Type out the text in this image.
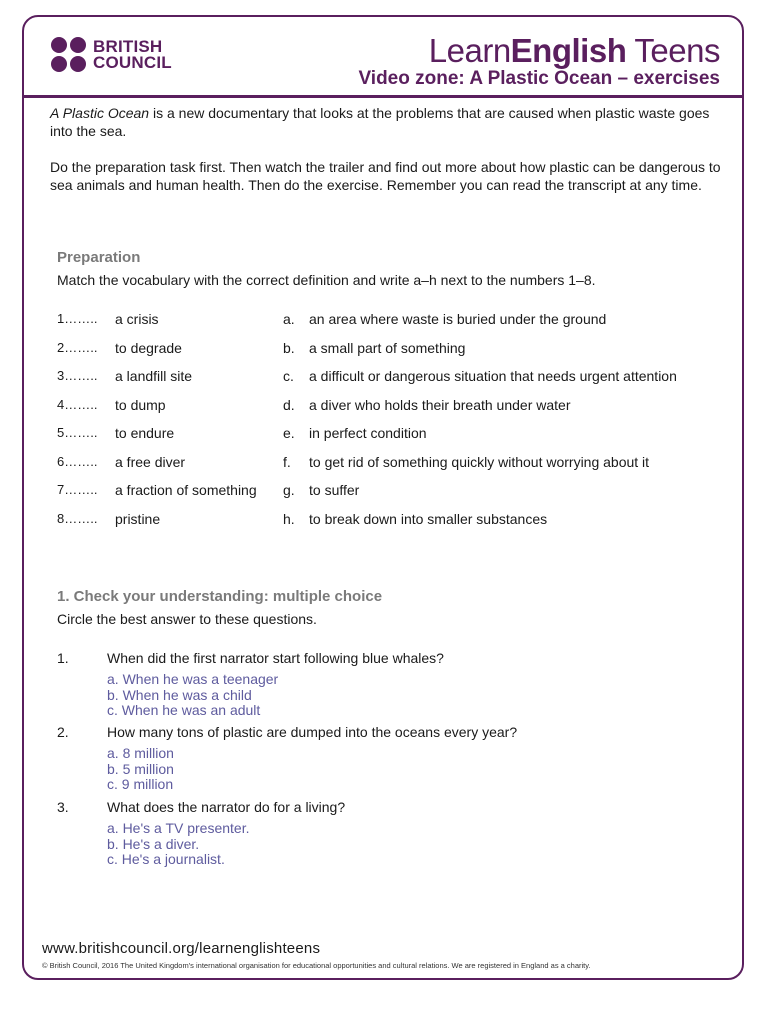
BRITISH
COUNCIL	LearnEnglish Teens
Video zone: A Plastic Ocean – exercises

A Plastic Ocean is a new documentary that looks at the problems that are caused when plastic waste goes into the sea.

Do the preparation task first. Then watch the trailer and find out more about how plastic can be dangerous to sea animals and human health. Then do the exercise. Remember you can read the transcript at any time.

Preparation
Match the vocabulary with the correct definition and write a–h next to the numbers 1–8.
1…….. a crisis	a. an area where waste is buried under the ground
2…….. to degrade	b. a small part of something
3…….. a landfill site	c. a difficult or dangerous situation that needs urgent attention
4…….. to dump	d. a diver who holds their breath under water
5…….. to endure	e. in perfect condition
6…….. a free diver	f. to get rid of something quickly without worrying about it
7…….. a fraction of something g. to suffer
8…….. pristine	h. to break down into smaller substances
1. Check your understanding: multiple choice
Circle the best answer to these questions.
1.	When did the first narrator start following blue whales?
a. When he was a teenager
b. When he was a child
c. When he was an adult
2.	How many tons of plastic are dumped into the oceans every year?
a. 8 million
b. 5 million
c. 9 million
3.	What does the narrator do for a living?
a. He's a TV presenter.
b. He's a diver.
c. He's a journalist.
www.britishcouncil.org/learnenglishteens
© British Council, 2016 The United Kingdom's international organisation for educational opportunities and cultural relations. We are registered in England as a charity.
